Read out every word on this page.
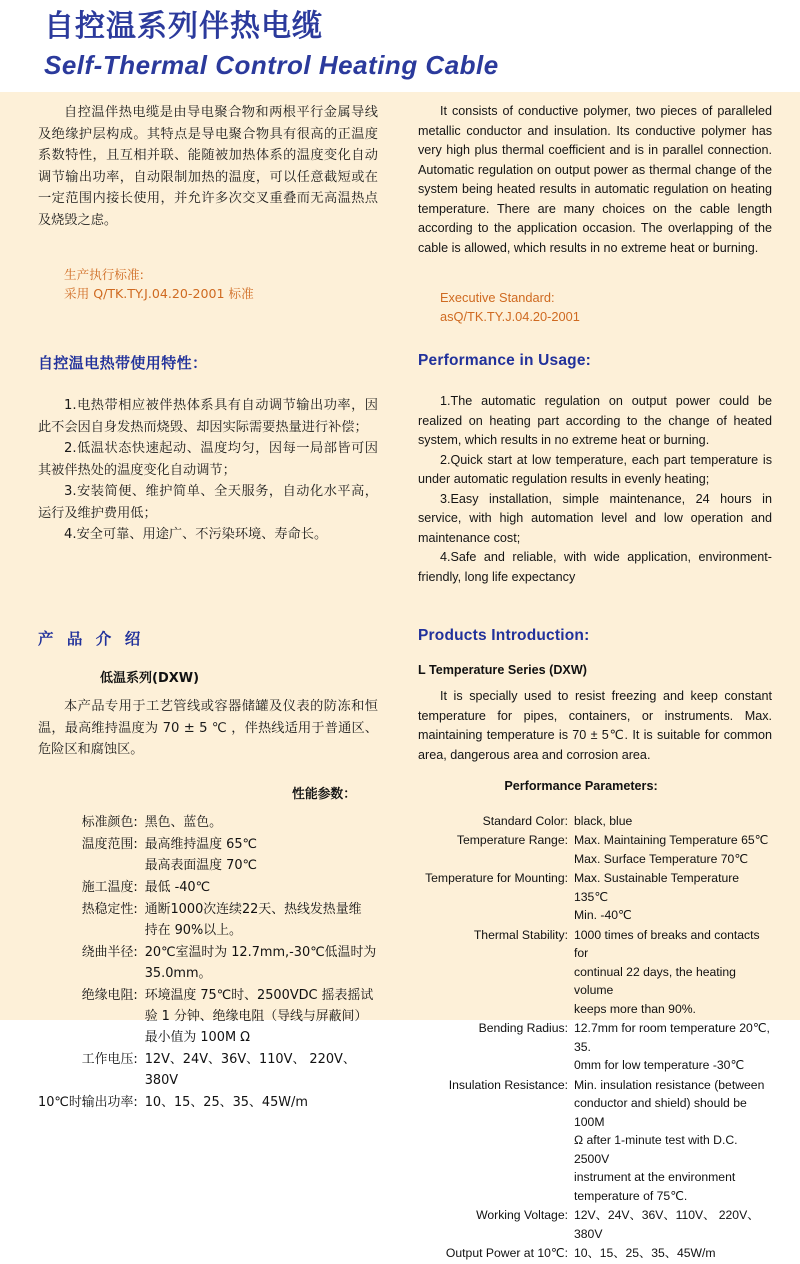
自控温系列伴热电缆
Self-Thermal Control Heating Cable

自控温伴热电缆是由导电聚合物和两根平行金属导线及绝缘护层构成。其特点是导电聚合物具有很高的正温度系数特性，且互相并联、能随被加热体系的温度变化自动调节输出功率，自动限制加热的温度，可以任意截短或在一定范围内接长使用，并允许多次交叉重叠而无高温热点及烧毁之虑。

生产执行标准:
采用 Q/TK.TY.J.04.20-2001 标准

It consists of conductive polymer, two pieces of paralleled metallic conductor and insulation. Its conductive polymer has very high plus thermal coefficient and is in parallel connection. Automatic regulation on output power as thermal change of the system being heated results in automatic regulation on heating temperature. There are many choices on the cable length according to the application occasion. The overlapping of the cable is allowed, which results in no extreme heat or burning.

Executive Standard:
asQ/TK.TY.J.04.20-2001
自控温电热带使用特性：

1.电热带相应被伴热体系具有自动调节输出功率，因此不会因自身发热而烧毁、却因实际需要热量进行补偿；

2.低温状态快速起动、温度均匀，因每一局部皆可因其被伴热处的温度变化自动调节；

3.安装简便、维护简单、全天服务，自动化水平高，运行及维护费用低；

4.安全可靠、用途广、不污染环境、寿命长。

Performance in Usage:

1.The automatic regulation on output power could be realized on heating part according to the change of heated system, which results in no extreme heat or burning.

2.Quick start at low temperature, each part temperature is under automatic regulation results in evenly heating;

3.Easy installation, simple maintenance, 24 hours in service, with high automation level and low operation and maintenance cost;

4.Safe and reliable, with wide application, environment-friendly, long life expectancy

产 品 介 绍
低温系列(DXW)

本产品专用于工艺管线或容器储罐及仪表的防冻和恒温，最高维持温度为 70 ± 5 ℃ ，伴热线适用于普通区、危险区和腐蚀区。

性能参数：
Products Introduction:
L Temperature Series (DXW)

It is specially used to resist freezing and keep constant temperature for pipes, containers, or instruments. Max. maintaining temperature is 70 ± 5℃. It is suitable for common area, dangerous area and corrosion area.

Performance Parameters:
标准颜色:	黑色、蓝色。

温度范围:	最高维持温度 65℃
最高表面温度 70℃

施工温度:	最低 -40℃

热稳定性:	通断1000次连续22天、热线发热量维
持在 90%以上。

绕曲半径:	20℃室温时为 12.7mm,-30℃低温时为
35.0mm。

绝缘电阻:	环境温度 75℃时、2500VDC 摇表摇试
验 1 分钟、绝缘电阻（导线与屏蔽间）
最小值为 100M Ω

工作电压:	12V、24V、36V、110V、 220V、380V

10℃时输出功率:	10、15、25、35、45W/m
Standard Color:	black, blue

Temperature Range:	Max. Maintaining Temperature 65℃
Max. Surface Temperature 70℃

Temperature for Mounting:	Max. Sustainable Temperature 135℃
Min. -40℃

Thermal Stability:	1000 times of breaks and contacts for
continual 22 days, the heating volume
keeps more than 90%.

Bending Radius:	12.7mm for room temperature 20℃, 35.
0mm for low temperature -30℃

Insulation Resistance:	Min. insulation resistance (between
conductor and shield) should be 100M
Ω after 1-minute test with D.C. 2500V
instrument at the environment
temperature of 75℃.

Working Voltage:	12V、24V、36V、110V、 220V、380V

Output Power at 10℃:	10、15、25、35、45W/m
